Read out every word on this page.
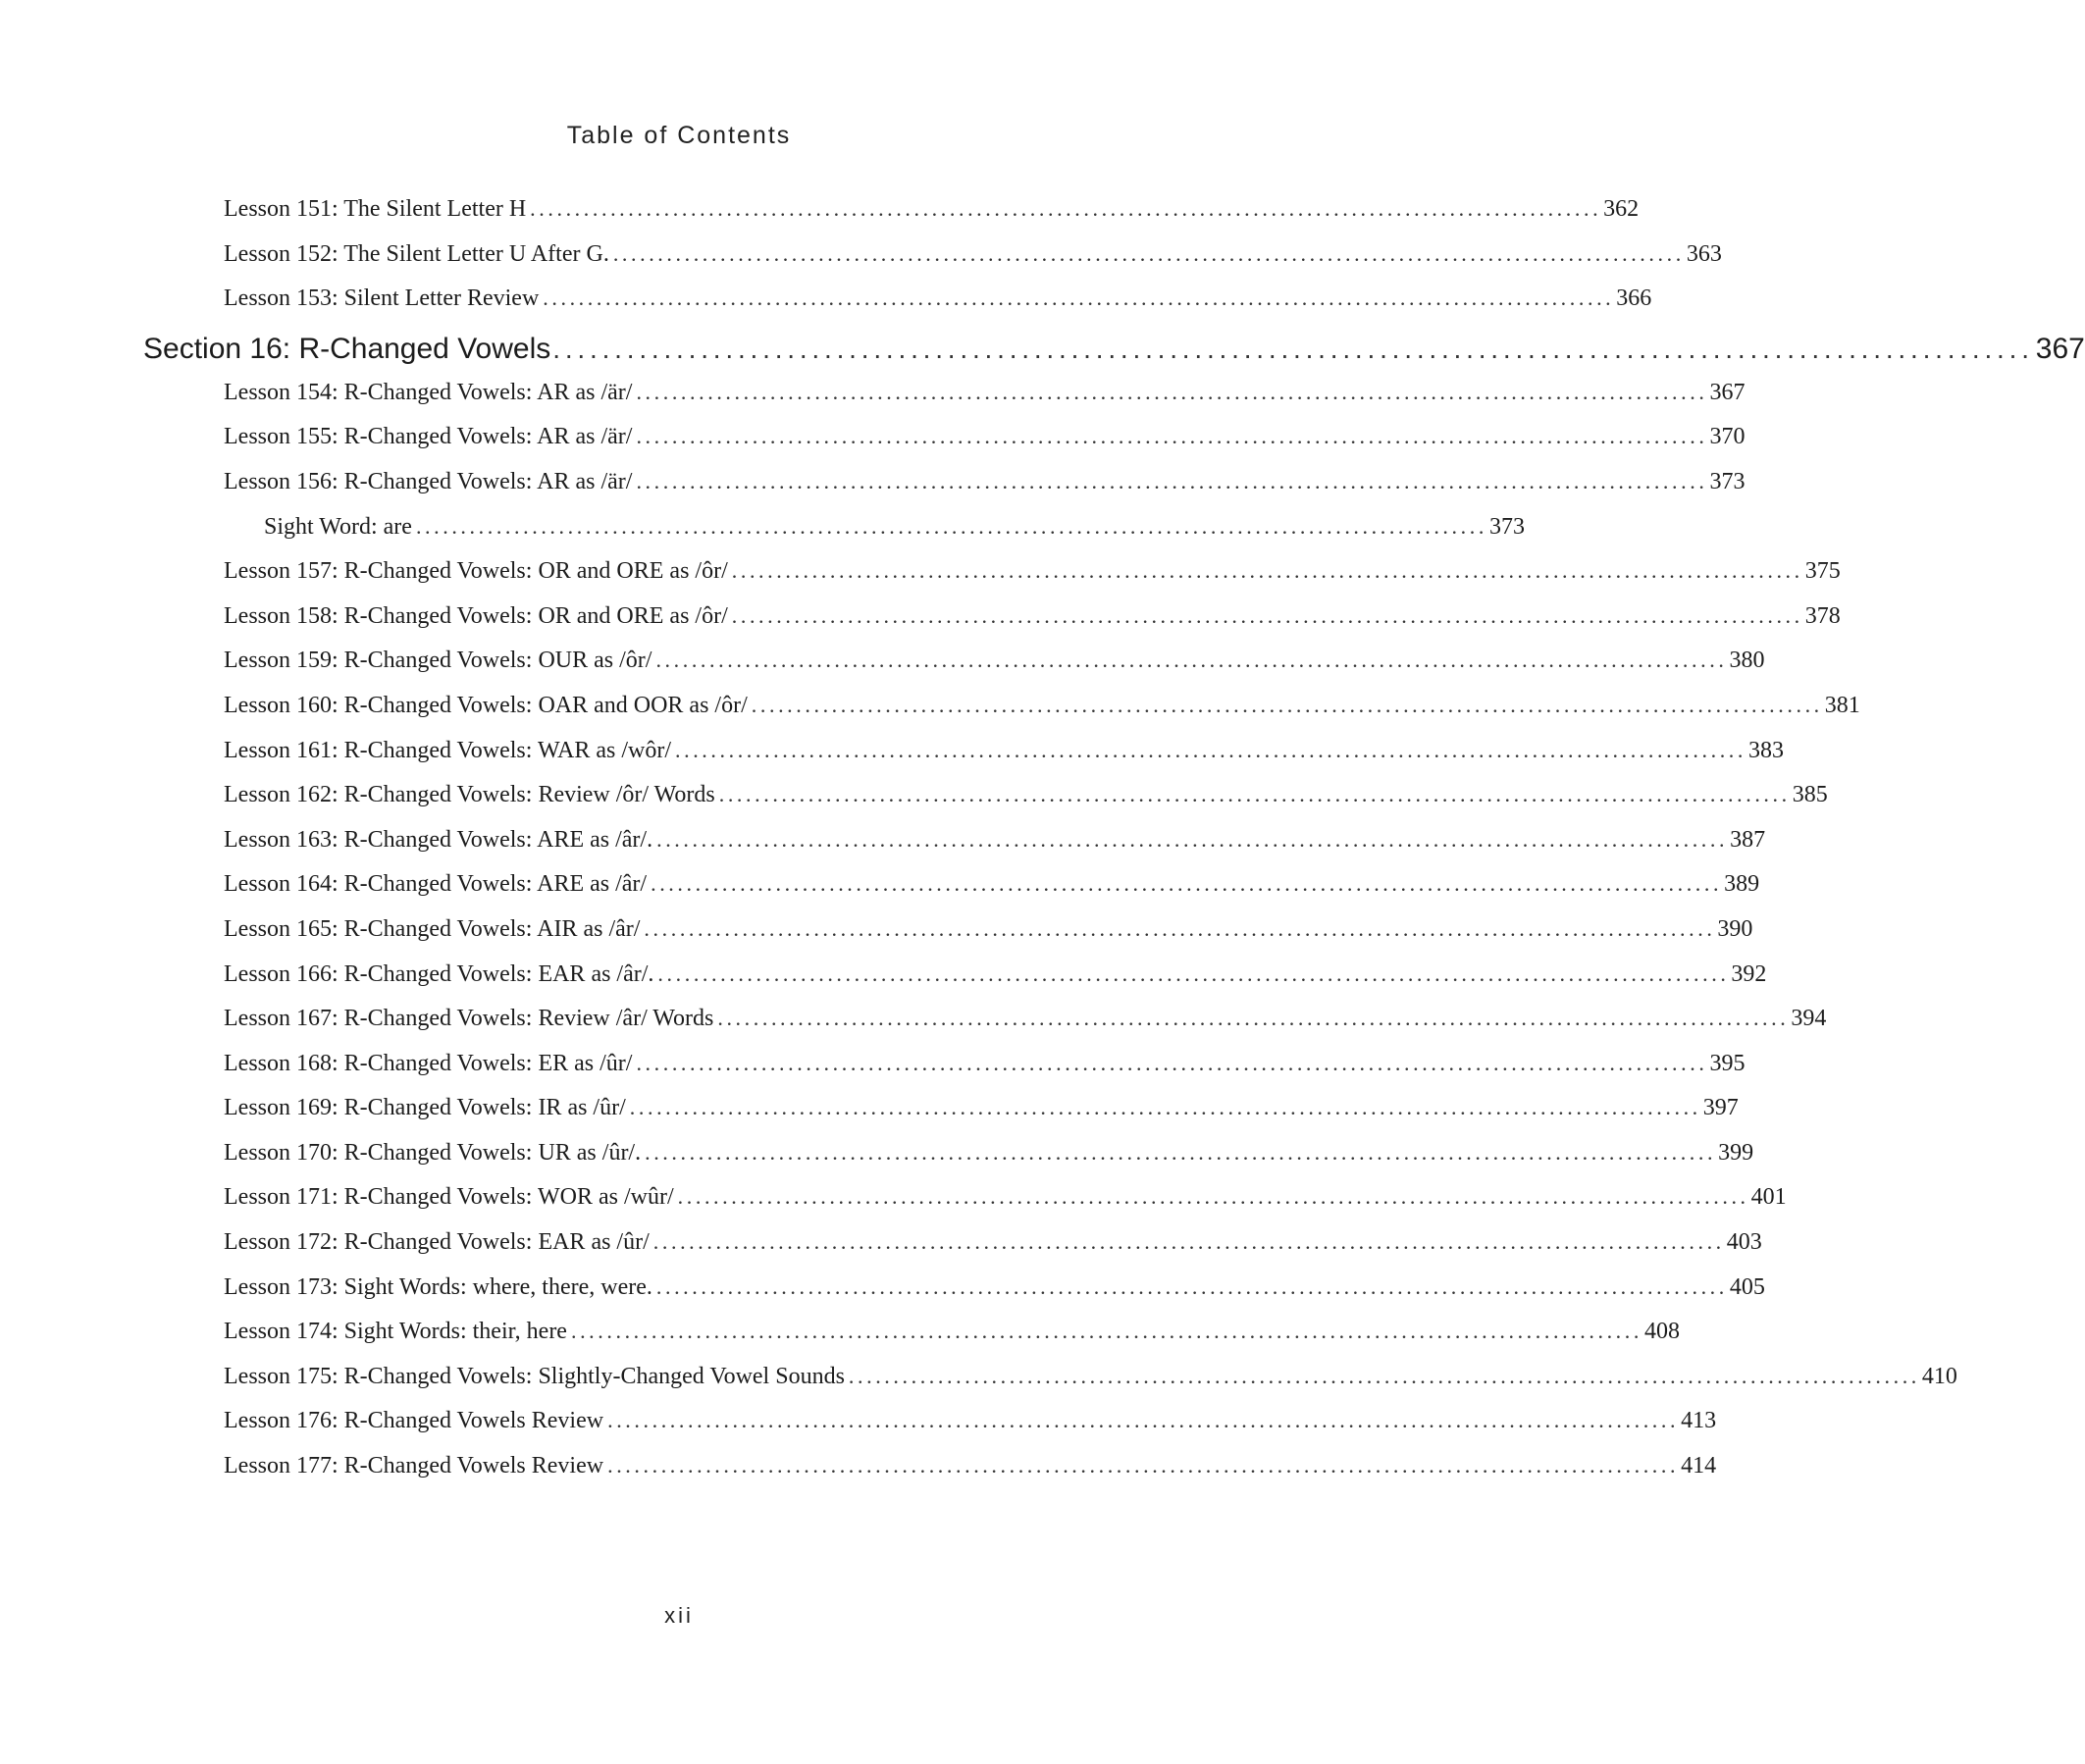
Table of Contents
Lesson 151: The Silent Letter H ........................................................................................................................ 362
Lesson 152: The Silent Letter U After G. ........................................................................................................................ 363
Lesson 153: Silent Letter Review ........................................................................................................................ 366
Section 16: R-Changed Vowels ........................................................................................................................ 367
Lesson 154: R-Changed Vowels: AR as /är/ ........................................................................................................................ 367
Lesson 155: R-Changed Vowels: AR as /är/ ........................................................................................................................ 370
Lesson 156: R-Changed Vowels: AR as /är/ ........................................................................................................................ 373
Sight Word: are ........................................................................................................................ 373
Lesson 157: R-Changed Vowels: OR and ORE as /ôr/ ........................................................................................................................ 375
Lesson 158: R-Changed Vowels: OR and ORE as /ôr/ ........................................................................................................................ 378
Lesson 159: R-Changed Vowels: OUR as /ôr/ ........................................................................................................................ 380
Lesson 160: R-Changed Vowels: OAR and OOR as /ôr/ ........................................................................................................................ 381
Lesson 161: R-Changed Vowels: WAR as /wôr/ ........................................................................................................................ 383
Lesson 162: R-Changed Vowels: Review /ôr/ Words ........................................................................................................................ 385
Lesson 163: R-Changed Vowels: ARE as /âr/. ........................................................................................................................ 387
Lesson 164: R-Changed Vowels: ARE as /âr/ ........................................................................................................................ 389
Lesson 165: R-Changed Vowels: AIR as /âr/ ........................................................................................................................ 390
Lesson 166: R-Changed Vowels: EAR as /âr/. ........................................................................................................................ 392
Lesson 167: R-Changed Vowels: Review /âr/ Words ........................................................................................................................ 394
Lesson 168: R-Changed Vowels: ER as /ûr/ ........................................................................................................................ 395
Lesson 169: R-Changed Vowels: IR as /ûr/ ........................................................................................................................ 397
Lesson 170: R-Changed Vowels: UR as /ûr/. ........................................................................................................................ 399
Lesson 171: R-Changed Vowels: WOR as /wûr/ ........................................................................................................................ 401
Lesson 172: R-Changed Vowels: EAR as /ûr/ ........................................................................................................................ 403
Lesson 173: Sight Words: where, there, were. ........................................................................................................................ 405
Lesson 174: Sight Words: their, here ........................................................................................................................ 408
Lesson 175: R-Changed Vowels: Slightly-Changed Vowel Sounds ........................................................................................................................ 410
Lesson 176: R-Changed Vowels Review ........................................................................................................................ 413
Lesson 177: R-Changed Vowels Review ........................................................................................................................ 414
xii
